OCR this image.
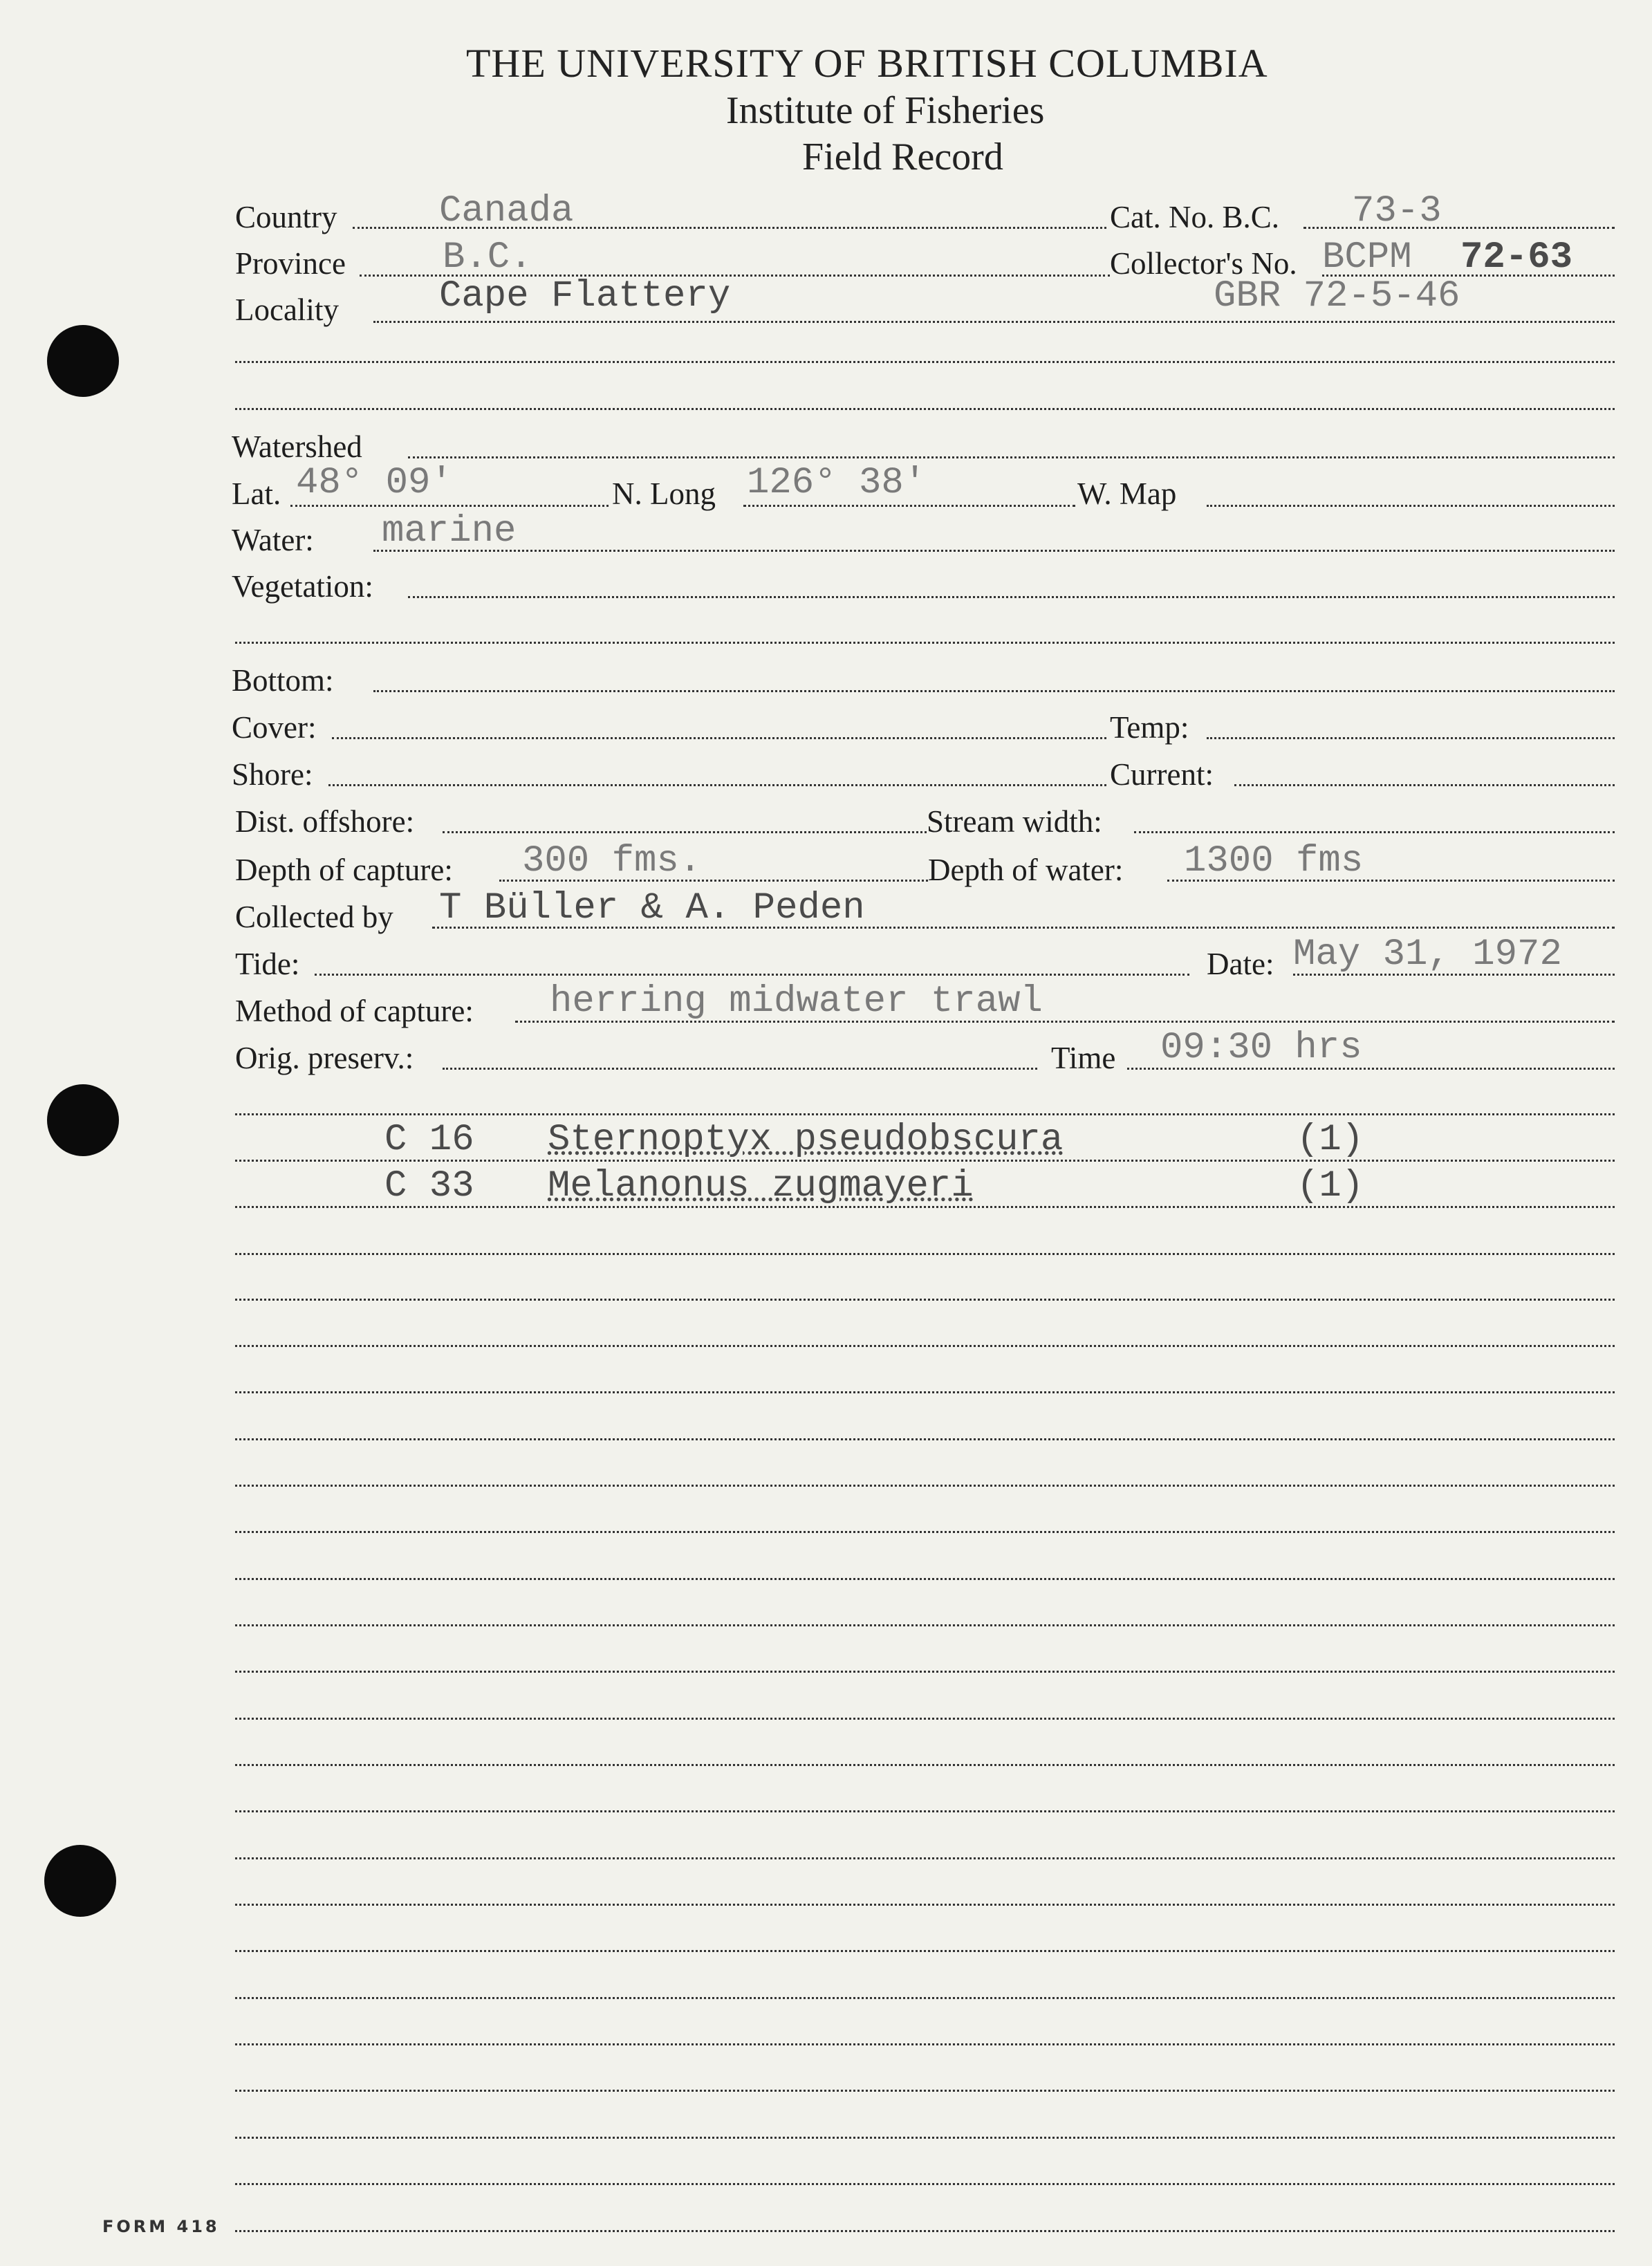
THE UNIVERSITY OF BRITISH COLUMBIA
Institute of Fisheries
Field Record
Country	Canada	Cat. No. B.C. 73-3
Province	B.C.	Collector's No. BCPM 72-63
Locality	Cape Flattery	GBR 72-5-46
Watershed
Lat. 48° 09'	N. Long 126° 38'	W. Map
Water: marine
Vegetation:
Bottom:
Cover:	Temp:
Shore:	Current:
Dist. offshore:	Stream width:
Depth of capture: 300 fms.	Depth of water: 1300 fms
Collected by T Büller & A. Peden
Tide:	Date: May 31, 1972
Method of capture: herring midwater trawl
Orig. preserv.:	Time 09:30 hrs
C 16 Sternoptyx pseudobscura	(1)
C 33 Melanonus zugmayeri	(1)
FORM 418
